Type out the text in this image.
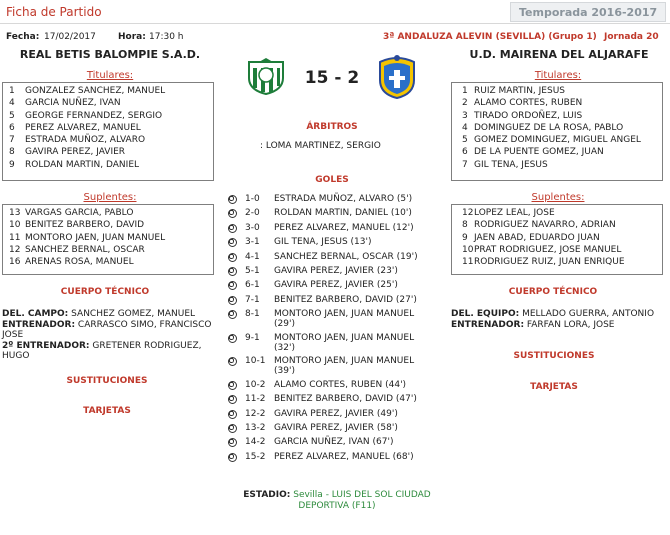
Ficha de Partido	Temporada 2016-2017
Fecha: 17/02/2017 Hora: 17:30 h	3ª ANDALUZA ALEVIN (SEVILLA) (Grupo 1) Jornada 20
REAL BETIS BALOMPIE S.A.D.	U.D. MAIRENA DEL ALJARAFE
15 - 2
Titulares:
1 GONZALEZ SANCHEZ, MANUEL
4 GARCIA NUÑEZ, IVAN
5 GEORGE FERNANDEZ, SERGIO
6 PEREZ ALVAREZ, MANUEL
7 ESTRADA MUÑOZ, ALVARO
8 GAVIRA PEREZ, JAVIER
9 ROLDAN MARTIN, DANIEL
Suplentes:
13 VARGAS GARCIA, PABLO
10 BENITEZ BARBERO, DAVID
11 MONTORO JAEN, JUAN MANUEL
12 SANCHEZ BERNAL, OSCAR
16 ARENAS ROSA, MANUEL
CUERPO TÉCNICO
DEL. CAMPO: SANCHEZ GOMEZ, MANUEL
ENTRENADOR: CARRASCO SIMO, FRANCISCO JOSE
2º ENTRENADOR: GRETENER RODRIGUEZ, HUGO
SUSTITUCIONES
TARJETAS
Titulares:
1 RUIZ MARTIN, JESUS
2 ALAMO CORTES, RUBEN
3 TIRADO ORDOÑEZ, LUIS
4 DOMINGUEZ DE LA ROSA, PABLO
5 GOMEZ DOMINGUEZ, MIGUEL ANGEL
6 DE LA PUENTE GOMEZ, JUAN
7 GIL TENA, JESUS
Suplentes:
12 LOPEZ LEAL, JOSE
8 RODRIGUEZ NAVARRO, ADRIAN
9 JAEN ABAD, EDUARDO JUAN
10 PRAT RODRIGUEZ, JOSE MANUEL
11 RODRIGUEZ RUIZ, JUAN ENRIQUE
CUERPO TÉCNICO
DEL. EQUIPO: MELLADO GUERRA, ANTONIO
ENTRENADOR: FARFAN LORA, JOSE
SUSTITUCIONES
TARJETAS
ÁRBITROS
: LOMA MARTINEZ, SERGIO
GOLES
1-0 ESTRADA MUÑOZ, ALVARO (5')
2-0 ROLDAN MARTIN, DANIEL (10')
3-0 PEREZ ALVAREZ, MANUEL (12')
3-1 GIL TENA, JESUS (13')
4-1 SANCHEZ BERNAL, OSCAR (19')
5-1 GAVIRA PEREZ, JAVIER (23')
6-1 GAVIRA PEREZ, JAVIER (25')
7-1 BENITEZ BARBERO, DAVID (27')
8-1 MONTORO JAEN, JUAN MANUEL (29')
9-1 MONTORO JAEN, JUAN MANUEL (32')
10-1 MONTORO JAEN, JUAN MANUEL (39')
10-2 ALAMO CORTES, RUBEN (44')
11-2 BENITEZ BARBERO, DAVID (47')
12-2 GAVIRA PEREZ, JAVIER (49')
13-2 GAVIRA PEREZ, JAVIER (58')
14-2 GARCIA NUÑEZ, IVAN (67')
15-2 PEREZ ALVAREZ, MANUEL (68')
ESTADIO: Sevilla - LUIS DEL SOL CIUDAD DEPORTIVA (F11)
